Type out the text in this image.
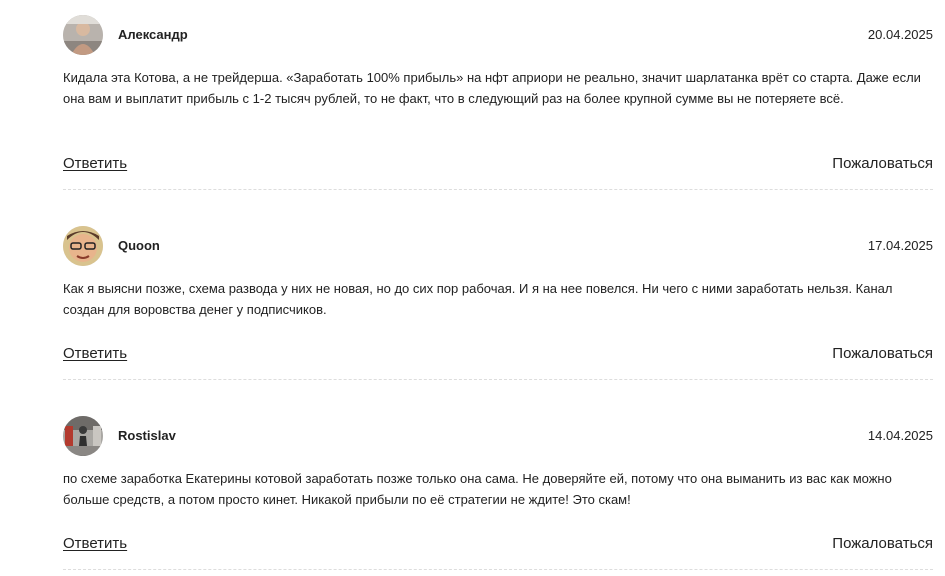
Александр	20.04.2025
Кидала эта Котова, а не трейдерша. «Заработать 100% прибыль» на нфт априори не реально, значит шарлатанка врёт со старта. Даже если она вам и выплатит прибыль с 1-2 тысяч рублей, то не факт, что в следующий раз на более крупной сумме вы не потеряете всё.
Ответить	Пожаловаться
Quoon	17.04.2025
Как я выясни позже, схема развода у них не новая, но до сих пор рабочая. И я на нее повелся. Ни чего с ними заработать нельзя. Канал создан для воровства денег у подписчиков.
Ответить	Пожаловаться
Rostislav	14.04.2025
по схеме заработка Екатерины котовой заработать позже только она сама. Не доверяйте ей, потому что она выманить из вас как можно больше средств, а потом просто кинет. Никакой прибыли по её стратегии не ждите! Это скам!
Ответить	Пожаловаться
